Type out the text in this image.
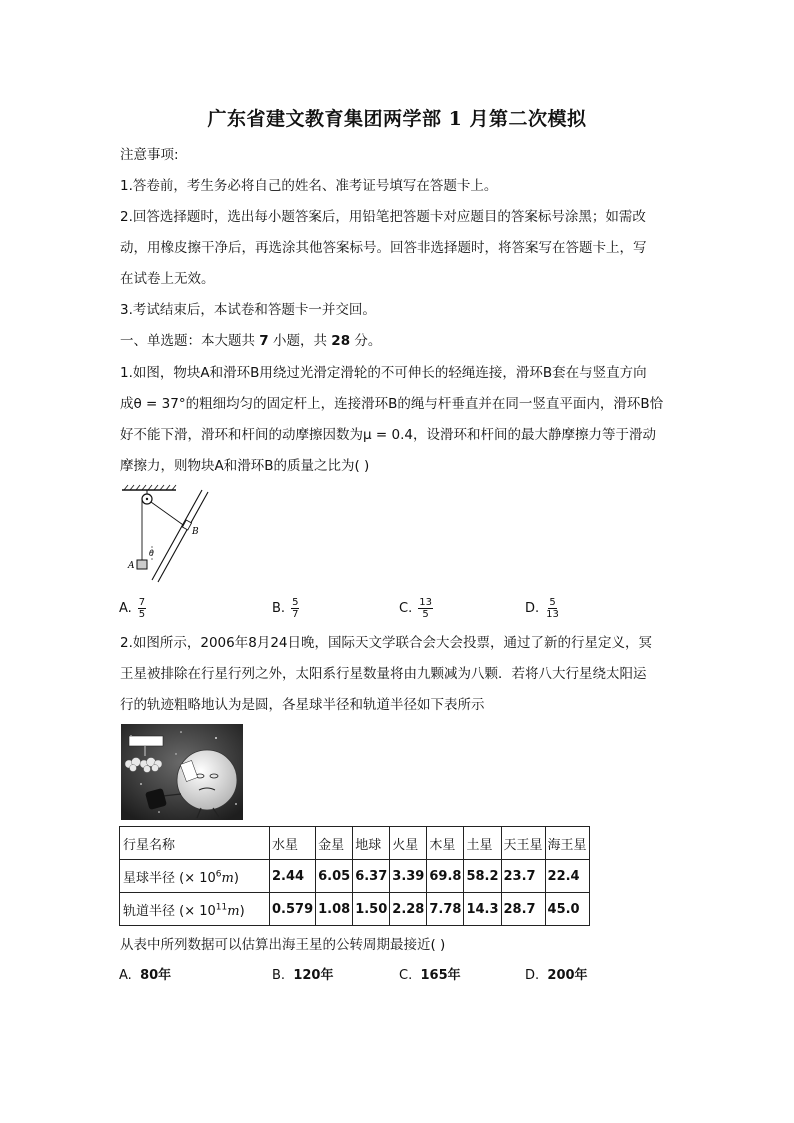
广东省建文教育集团两学部 1 月第二次模拟
注意事项:
1.答卷前，考生务必将自己的姓名、准考证号填写在答题卡上。
2.回答选择题时，选出每小题答案后，用铅笔把答题卡对应题目的答案标号涂黑；如需改
动，用橡皮擦干净后，再选涂其他答案标号。回答非选择题时，将答案写在答题卡上，写
在试卷上无效。
3.考试结束后，本试卷和答题卡一并交回。
一、单选题：本大题共 7 小题，共 28 分。
1.如图，物块A和滑环B用绕过光滑定滑轮的不可伸长的轻绳连接，滑环B套在与竖直方向
成θ = 37°的粗细均匀的固定杆上，连接滑环B的绳与杆垂直并在同一竖直平面内，滑环B恰
好不能下滑，滑环和杆间的动摩擦因数为μ = 0.4，设滑环和杆间的最大静摩擦力等于滑动
摩擦力，则物块A和滑环B的质量之比为( )
B
θ
A
A. $\frac{7}{5}$	B. $\frac{5}{7}$	C. $\frac{13}{5}$	D. $\frac{5}{13}$
2.如图所示，2006年8月24日晚，国际天文学联合会大会投票，通过了新的行星定义，冥
王星被排除在行星行列之外，太阳系行星数量将由九颗减为八颗．若将八大行星绕太阳运
行的轨迹粗略地认为是圆，各星球半径和轨道半径如下表所示
行星名称	水星	金星	地球	火星	木星	土星	天王星	海王星
星球半径 (× $10^6m$)	2.44	6.05	6.37	3.39	69.8	58.2	23.7	22.4
轨道半径 (× $10^{11}m$)	0.579	1.08	1.50	2.28	7.78	14.3	28.7	45.0
从表中所列数据可以估算出海王星的公转周期最接近( )
A. 80年	B. 120年	C. 165年	D. 200年
